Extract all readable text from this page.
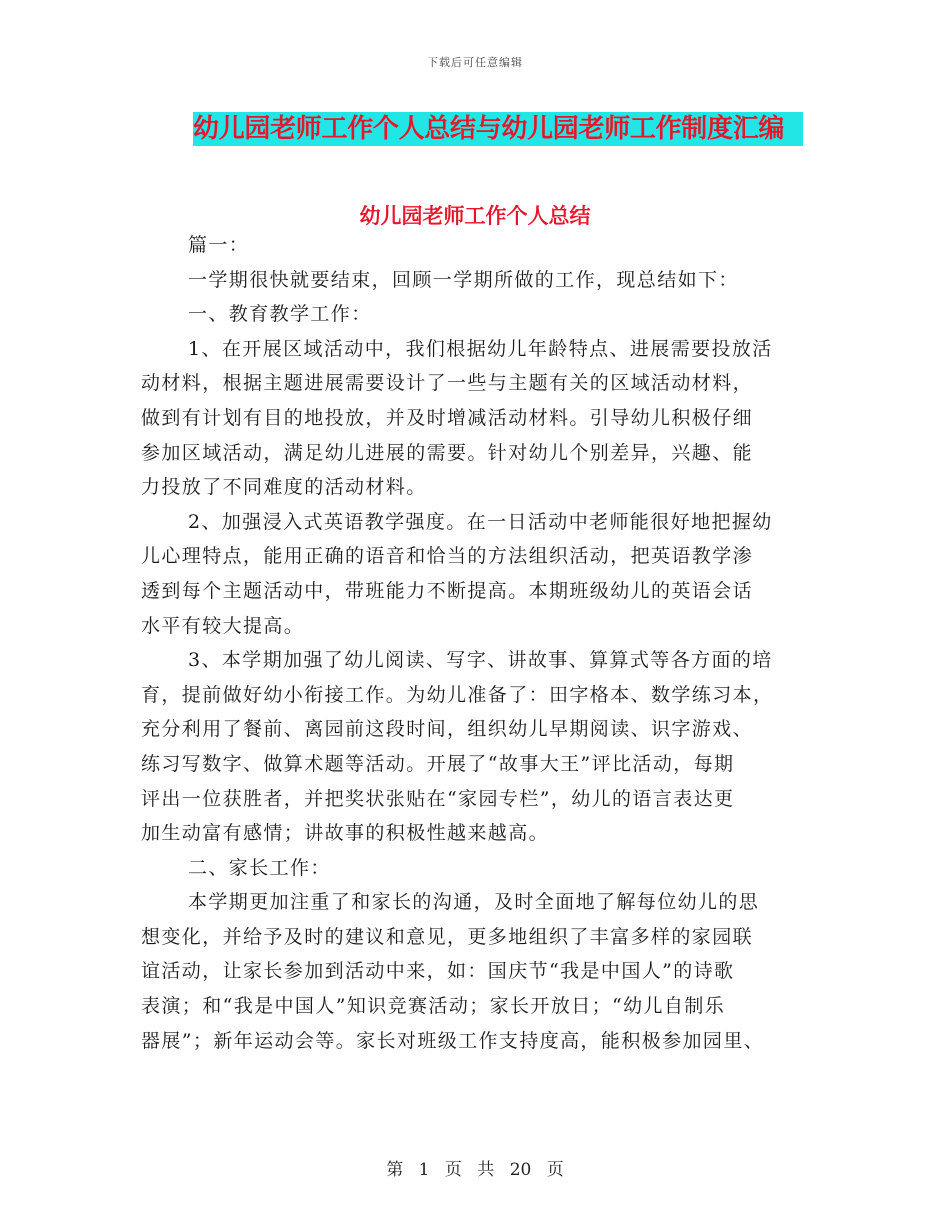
下载后可任意编辑
幼儿园老师工作个人总结与幼儿园老师工作制度汇编
幼儿园老师工作个人总结
篇一：
一学期很快就要结束，回顾一学期所做的工作，现总结如下：
一、教育教学工作：
1、在开展区域活动中，我们根据幼儿年龄特点、进展需要投放活
动材料，根据主题进展需要设计了一些与主题有关的区域活动材料，
做到有计划有目的地投放，并及时增减活动材料。引导幼儿积极仔细
参加区域活动，满足幼儿进展的需要。针对幼儿个别差异，兴趣、能
力投放了不同难度的活动材料。
2、加强浸入式英语教学强度。在一日活动中老师能很好地把握幼
儿心理特点，能用正确的语音和恰当的方法组织活动，把英语教学渗
透到每个主题活动中，带班能力不断提高。本期班级幼儿的英语会话
水平有较大提高。
3、本学期加强了幼儿阅读、写字、讲故事、算算式等各方面的培
育，提前做好幼小衔接工作。为幼儿准备了：田字格本、数学练习本，
充分利用了餐前、离园前这段时间，组织幼儿早期阅读、识字游戏、
练习写数字、做算术题等活动。开展了“故事大王”评比活动，每期
评出一位获胜者，并把奖状张贴在“家园专栏”，幼儿的语言表达更
加生动富有感情；讲故事的积极性越来越高。
二、家长工作：
本学期更加注重了和家长的沟通，及时全面地了解每位幼儿的思
想变化，并给予及时的建议和意见，更多地组织了丰富多样的家园联
谊活动，让家长参加到活动中来，如：国庆节“我是中国人”的诗歌
表演；和“我是中国人”知识竞赛活动；家长开放日；“幼儿自制乐
器展”；新年运动会等。家长对班级工作支持度高，能积极参加园里、
第 1 页 共 20 页
